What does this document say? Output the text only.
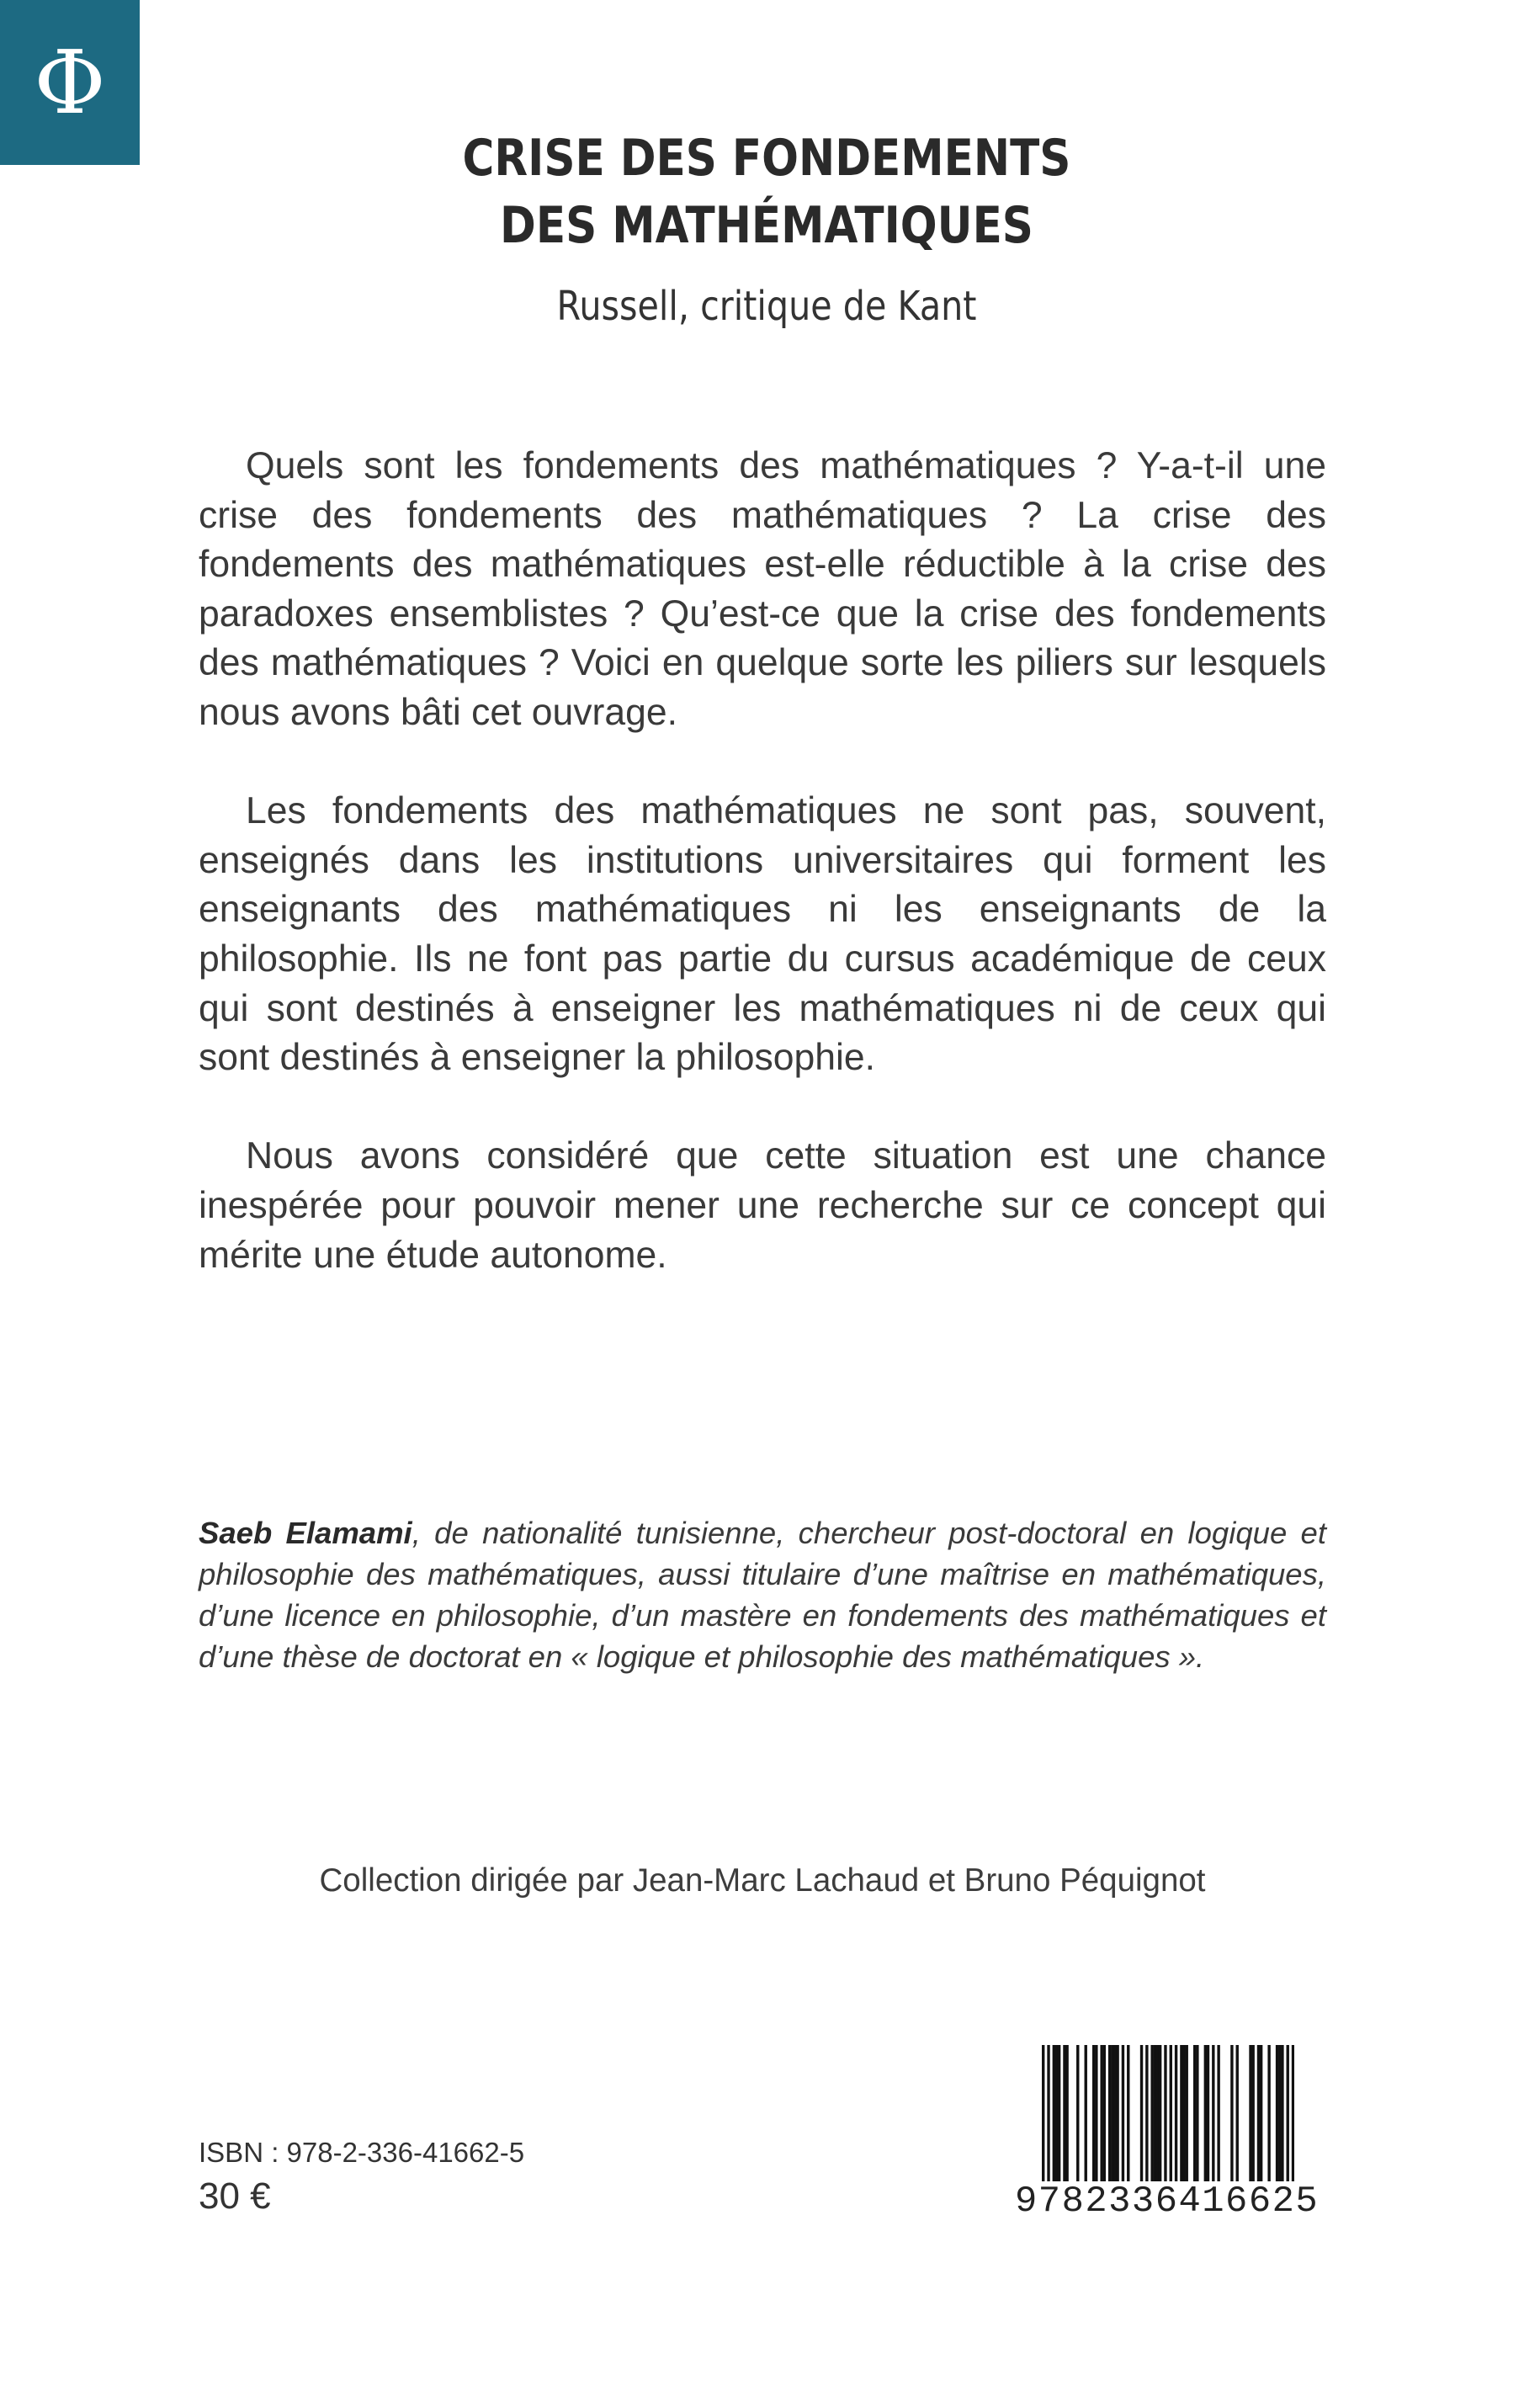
Φ
CRISE DES FONDEMENTS
DES MATHÉMATIQUES
Russell, critique de Kant

Quels sont les fondements des mathématiques ? Y-a-t-il une crise des fondements des mathématiques ? La crise des fondements des mathématiques est-elle réductible à la crise des paradoxes ensemblistes ? Qu’est-ce que la crise des fondements des mathématiques ? Voici en quelque sorte les piliers sur lesquels nous avons bâti cet ouvrage.

Les fondements des mathématiques ne sont pas, souvent, enseignés dans les institutions universitaires qui forment les enseignants des mathématiques ni les enseignants de la philosophie. Ils ne font pas partie du cursus académique de ceux qui sont destinés à enseigner les mathématiques ni de ceux qui sont destinés à enseigner la philosophie.

Nous avons considéré que cette situation est une chance inespérée pour pouvoir mener une recherche sur ce concept qui mérite une étude autonome.

Saeb Elamami, de nationalité tunisienne, chercheur post-doctoral en logique et philosophie des mathématiques, aussi titulaire d’une maîtrise en mathématiques, d’une licence en philosophie, d’un mastère en fondements des mathématiques et d’une thèse de doctorat en « logique et philosophie des mathématiques ».
Collection dirigée par Jean-Marc Lachaud et Bruno Péquignot
ISBN : 978-2-336-41662-5
30 €	9782336416625
